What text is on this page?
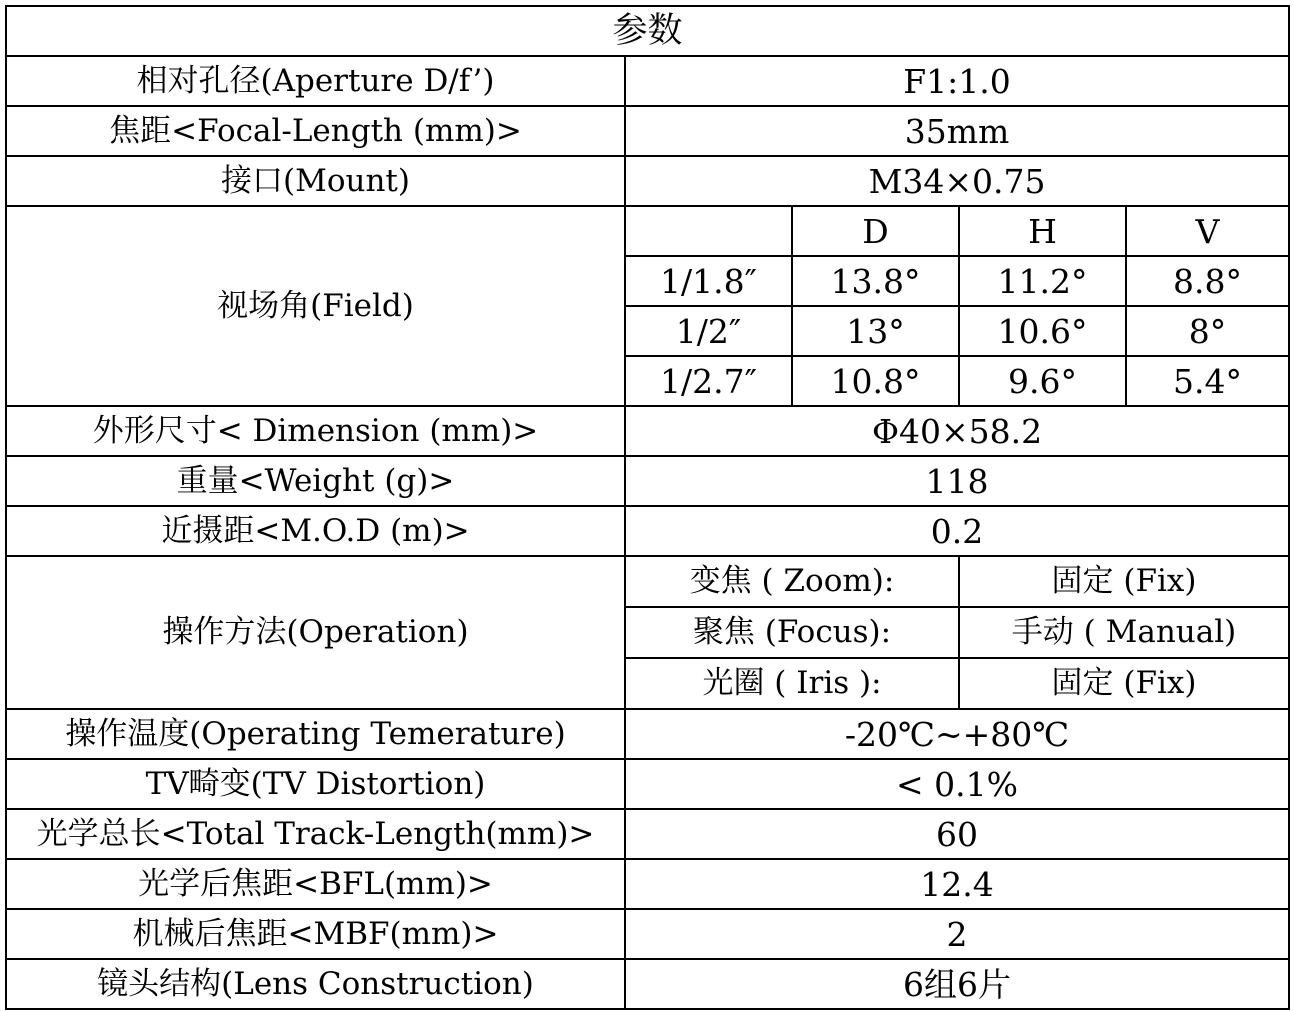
参数				
相对孔径(Aperture D/f’)	F1:1.0			
焦距<Focal-Length (mm)>	35mm			
接口(Mount)	M34×0.75			
视场角(Field)		D	H	V
	1/1.8″	13.8°	11.2°	8.8°
	1/2″	13°	10.6°	8°
	1/2.7″	10.8°	9.6°	5.4°
外形尺寸< Dimension (mm)>	Φ40×58.2			
重量<Weight (g)>	118			
近摄距<M.O.D (m)>	0.2			
操作方法(Operation)	变焦 ( Zoom):		固定 (Fix)	
	聚焦 (Focus):		手动 ( Manual)	
	光圈 ( Iris ):		固定 (Fix)	
操作温度(Operating Temerature)	-20℃~+80℃			
TV畸变(TV Distortion)	< 0.1%			
光学总长<Total Track-Length(mm)>	60			
光学后焦距<BFL(mm)>	12.4			
机械后焦距<MBF(mm)>	2			
镜头结构(Lens Construction)	6组6片			
